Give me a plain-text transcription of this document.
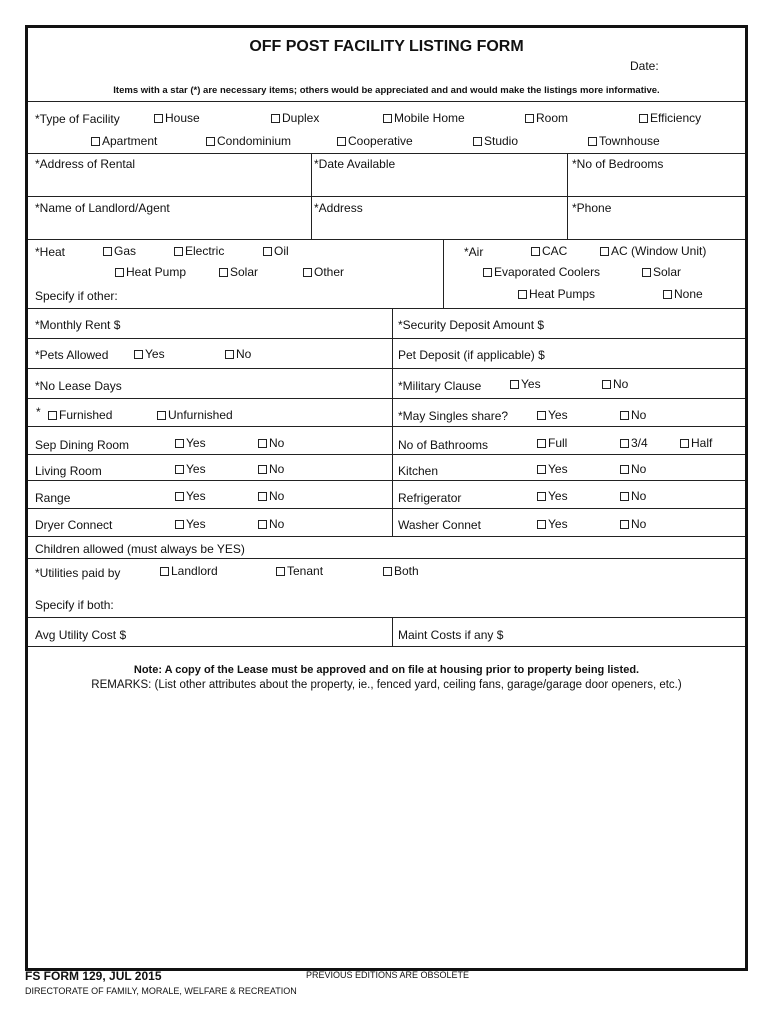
OFF POST FACILITY LISTING FORM
Date:
Items with a star (*) are necessary items; others would be appreciated and and would make the listings more informative.
*Type of Facility	House	Duplex	Mobile Home	Room	Efficiency
Apartment	Condominium	Cooperative	Studio	Townhouse
*Address of Rental	*Date Available	*No of Bedrooms
*Name of Landlord/Agent	*Address	*Phone
*Heat	Gas	Electric	Oil
Heat Pump	Solar	Other
Specify if other:
*Air	CAC	AC (Window Unit)
Evaporated Coolers	Solar
Heat Pumps	None
*Monthly Rent $	*Security Deposit Amount $
*Pets Allowed	Yes	No	Pet Deposit (if applicable) $
*No Lease Days	*Military Clause	Yes	No
*	Furnished	Unfurnished	*May Singles share?	Yes	No
Sep Dining Room	Yes	No	No of Bathrooms	Full	3/4	Half
Living Room	Yes	No	Kitchen	Yes	No
Range	Yes	No	Refrigerator	Yes	No
Dryer Connect	Yes	No	Washer Connet	Yes	No
Children allowed (must always be YES)
*Utilities paid by	Landlord	Tenant	Both
Specify if both:
Avg Utility Cost $	Maint Costs if any $
Note: A copy of the Lease must be approved and on file at housing prior to property being listed.
REMARKS: (List other attributes about the property, ie., fenced yard, ceiling fans, garage/garage door openers, etc.)
FS FORM 129, JUL 2015	PREVIOUS EDITIONS ARE OBSOLETE
DIRECTORATE OF FAMILY, MORALE, WELFARE & RECREATION
